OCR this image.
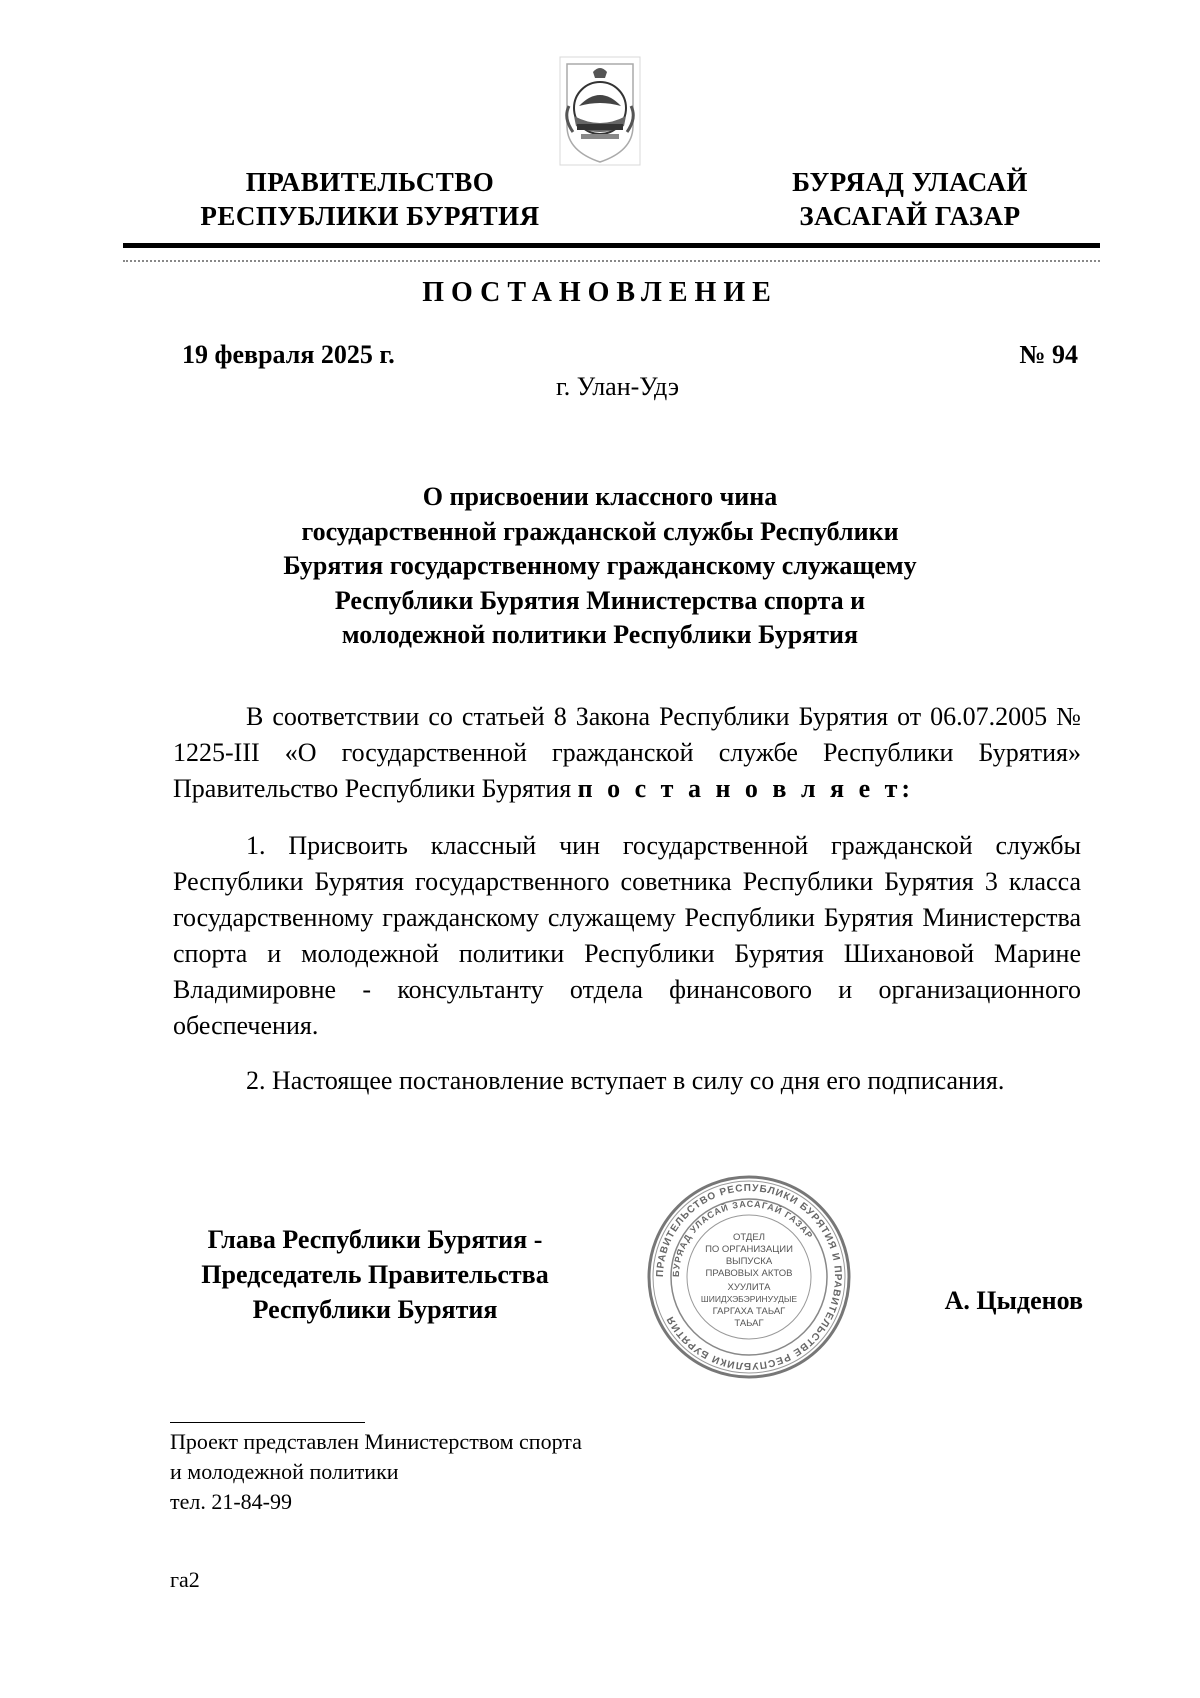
ПРАВИТЕЛЬСТВО
РЕСПУБЛИКИ БУРЯТИЯ
БУРЯАД УЛАСАЙ
ЗАСАГАЙ ГАЗАР
ПОСТАНОВЛЕНИЕ
19 февраля 2025 г.	№ 94
г. Улан-Удэ
О присвоении классного чина
государственной гражданской службы Республики
Бурятия государственному гражданскому служащему
Республики Бурятия Министерства спорта и
молодежной политики Республики Бурятия
В соответствии со статьей 8 Закона Республики Бурятия от 06.07.2005 № 1225-III «О государственной гражданской службе Республики Бурятия» Правительство Республики Бурятия п о с т а н о в л я е т:
1. Присвоить классный чин государственной гражданской службы Республики Бурятия государственного советника Республики Бурятия 3 класса государственному гражданскому служащему Республики Бурятия Министерства спорта и молодежной политики Республики Бурятия Шихановой Марине Владимировне - консультанту отдела финансового и организационного обеспечения.
2. Настоящее постановление вступает в силу со дня его подписания.
Глава Республики Бурятия -
Председатель Правительства
Республики Бурятия	А. Цыденов
ПРАВИТЕЛЬСТВО РЕСПУБЛИКИ БУРЯТИЯ И ПРАВИТЕЛЬСТВЕ РЕСПУБЛИКИ БУРЯТИЯ
БУРЯАД УЛАСАЙ ЗАСАГАЙ ГАЗАР
ОТДЕЛ
ПО ОРГАНИЗАЦИИ
ВЫПУСКА
ПРАВОВЫХ АКТОВ
ХУУЛИТА
ШИИДХЭБЭРИНУУДЫЕ
ГАРГАХА ТАЬАГ
ТАЬАГ
Проект представлен Министерством спорта
и молодежной политики
тел. 21-84-99
га2
